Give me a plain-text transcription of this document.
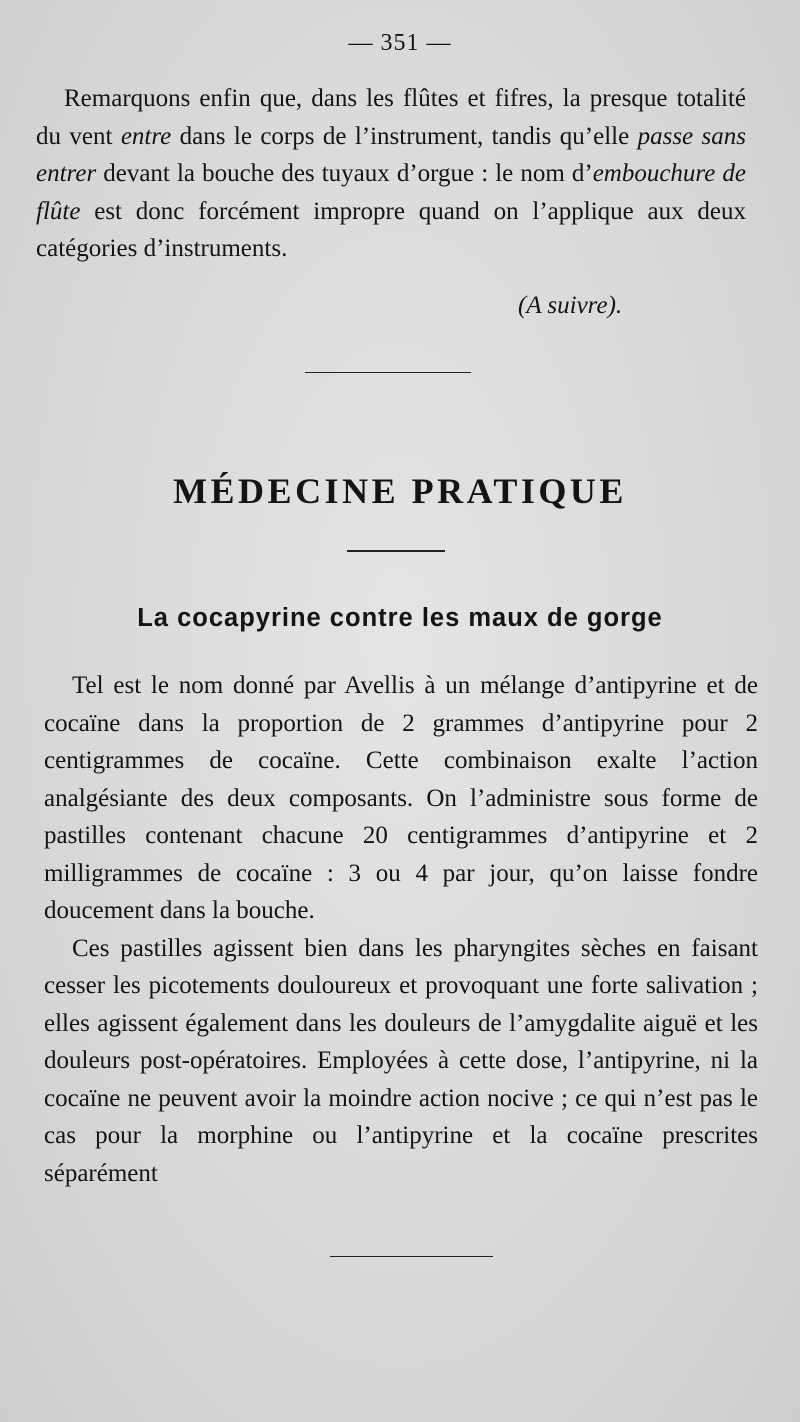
— 351 —

Remarquons enfin que, dans les flûtes et fifres, la presque totalité du vent entre dans le corps de l’instrument, tandis qu’elle passe sans entrer devant la bouche des tuyaux d’orgue : le nom d’embouchure de flûte est donc forcément impropre quand on l’applique aux deux catégories d’instruments.

(A suivre).
MÉDECINE PRATIQUE
La cocapyrine contre les maux de gorge

Tel est le nom donné par Avellis à un mélange d’antipyrine et de cocaïne dans la proportion de 2 grammes d’antipyrine pour 2 centigrammes de cocaïne. Cette combinaison exalte l’action analgésiante des deux composants. On l’administre sous forme de pastilles contenant chacune 20 centigrammes d’antipyrine et 2 milligrammes de cocaïne : 3 ou 4 par jour, qu’on laisse fondre doucement dans la bouche.

Ces pastilles agissent bien dans les pharyngites sèches en faisant cesser les picotements douloureux et provoquant une forte salivation ; elles agissent également dans les douleurs de l’amygdalite aiguë et les douleurs post-opératoires. Employées à cette dose, l’antipyrine, ni la cocaïne ne peuvent avoir la moindre action nocive ; ce qui n’est pas le cas pour la morphine ou l’antipyrine et la cocaïne prescrites séparément
